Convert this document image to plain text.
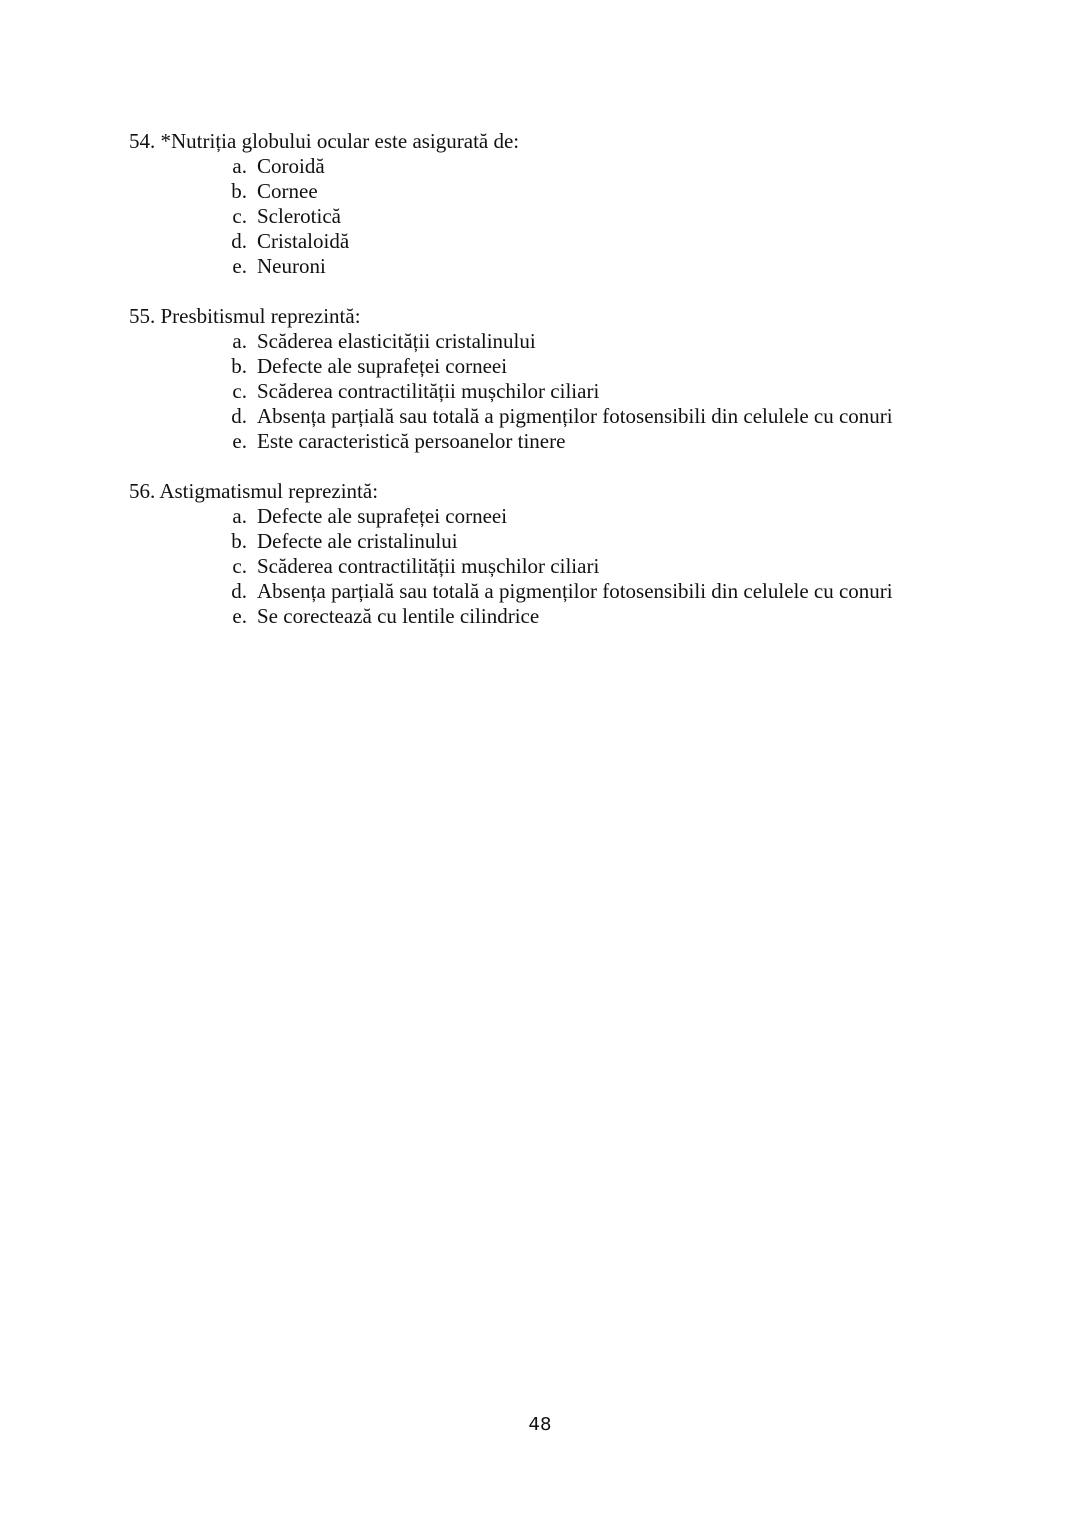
54. *Nutriția globului ocular este asigurată de:

a. Coroidă
b. Cornee
c. Sclerotică
d. Cristaloidă
e. Neuroni

55. Presbitismul reprezintă:

a. Scăderea elasticității cristalinului
b. Defecte ale suprafeței corneei
c. Scăderea contractilității mușchilor ciliari
d. Absența parțială sau totală a pigmenților fotosensibili din celulele cu conuri
e. Este caracteristică persoanelor tinere

56. Astigmatismul reprezintă:

a. Defecte ale suprafeței corneei
b. Defecte ale cristalinului
c. Scăderea contractilității mușchilor ciliari
d. Absența parțială sau totală a pigmenților fotosensibili din celulele cu conuri
e. Se corectează cu lentile cilindrice
48
